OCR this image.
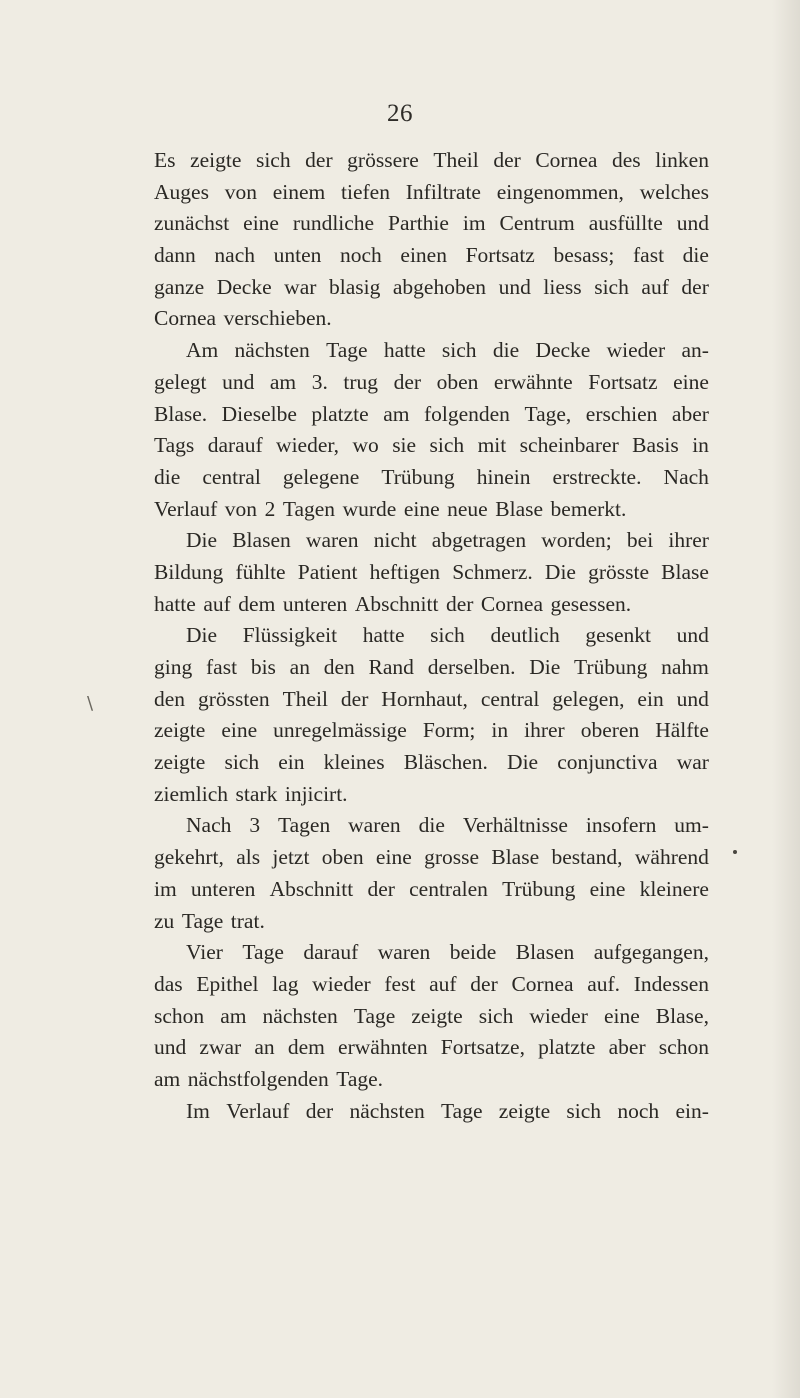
26
\
Es zeigte sich der grössere Theil der Cornea des linken
Auges von einem tiefen Infiltrate eingenommen, welches
zunächst eine rundliche Parthie im Centrum ausfüllte und
dann nach unten noch einen Fortsatz besass; fast die
ganze Decke war blasig abgehoben und liess sich auf der
Cornea verschieben.
Am nächsten Tage hatte sich die Decke wieder an-
gelegt und am 3. trug der oben erwähnte Fortsatz eine
Blase. Dieselbe platzte am folgenden Tage, erschien aber
Tags darauf wieder, wo sie sich mit scheinbarer Basis in
die central gelegene Trübung hinein erstreckte. Nach
Verlauf von 2 Tagen wurde eine neue Blase bemerkt.
Die Blasen waren nicht abgetragen worden; bei ihrer
Bildung fühlte Patient heftigen Schmerz. Die grösste Blase
hatte auf dem unteren Abschnitt der Cornea gesessen.
Die Flüssigkeit hatte sich deutlich gesenkt und
ging fast bis an den Rand derselben. Die Trübung nahm
den grössten Theil der Hornhaut, central gelegen, ein und
zeigte eine unregelmässige Form; in ihrer oberen Hälfte
zeigte sich ein kleines Bläschen. Die conjunctiva war
ziemlich stark injicirt.
Nach 3 Tagen waren die Verhältnisse insofern um-
gekehrt, als jetzt oben eine grosse Blase bestand, während
im unteren Abschnitt der centralen Trübung eine kleinere
zu Tage trat.
Vier Tage darauf waren beide Blasen aufgegangen,
das Epithel lag wieder fest auf der Cornea auf. Indessen
schon am nächsten Tage zeigte sich wieder eine Blase,
und zwar an dem erwähnten Fortsatze, platzte aber schon
am nächstfolgenden Tage.
Im Verlauf der nächsten Tage zeigte sich noch ein-
